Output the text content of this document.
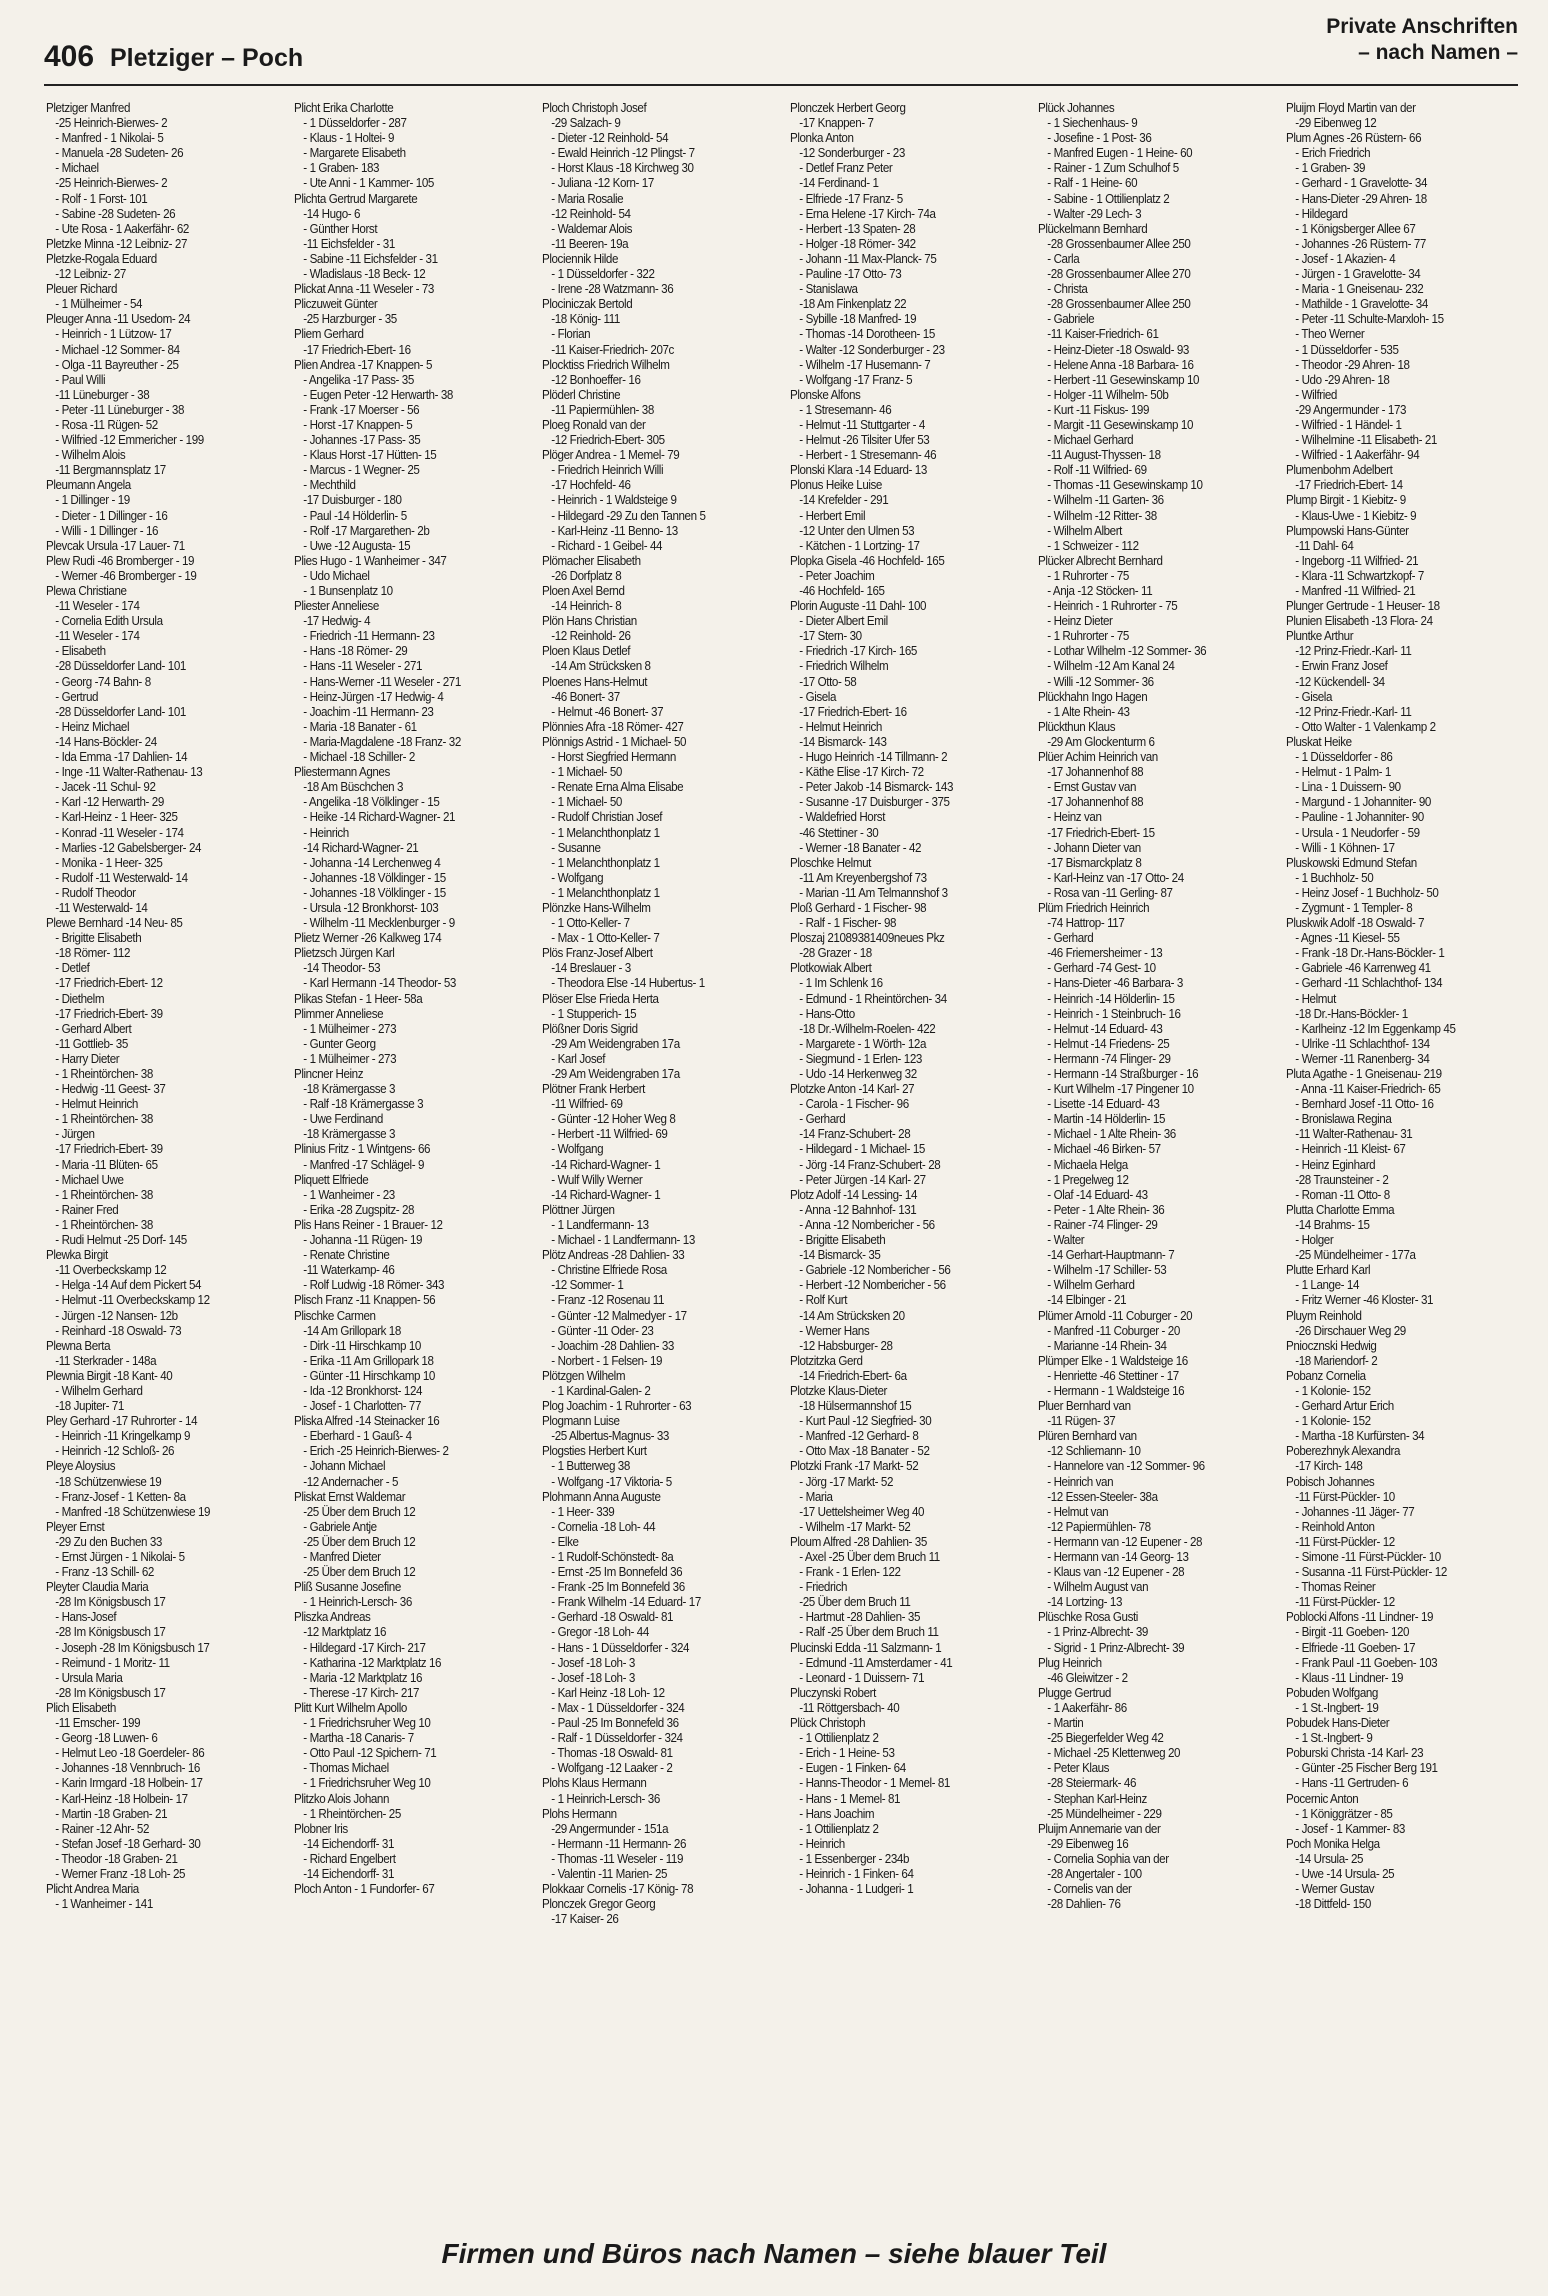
406 Pletziger – Poch
Private Anschriften
– nach Namen –
Pletziger Manfred
-25 Heinrich-Bierwes- 2
- Manfred - 1 Nikolai- 5
- Manuela -28 Sudeten- 26
- Michael
-25 Heinrich-Bierwes- 2
- Rolf - 1 Forst- 101
- Sabine -28 Sudeten- 26
- Ute Rosa - 1 Aakerfähr- 62
Pletzke Minna -12 Leibniz- 27
Pletzke-Rogala Eduard
-12 Leibniz- 27
Pleuer Richard
- 1 Mülheimer - 54
Pleuger Anna -11 Usedom- 24
- Heinrich - 1 Lützow- 17
- Michael -12 Sommer- 84
- Olga -11 Bayreuther - 25
- Paul Willi
-11 Lüneburger - 38
- Peter -11 Lüneburger - 38
- Rosa -11 Rügen- 52
- Wilfried -12 Emmericher - 199
- Wilhelm Alois
-11 Bergmannsplatz 17
Pleumann Angela
- 1 Dillinger - 19
- Dieter - 1 Dillinger - 16
- Willi - 1 Dillinger - 16
Plevcak Ursula -17 Lauer- 71
Plew Rudi -46 Bromberger - 19
- Werner -46 Bromberger - 19
Plewa Christiane
-11 Weseler - 174
- Cornelia Edith Ursula
-11 Weseler - 174
- Elisabeth
-28 Düsseldorfer Land- 101
- Georg -74 Bahn- 8
- Gertrud
-28 Düsseldorfer Land- 101
- Heinz Michael
-14 Hans-Böckler- 24
- Ida Emma -17 Dahlien- 14
- Inge -11 Walter-Rathenau- 13
- Jacek -11 Schul- 92
- Karl -12 Herwarth- 29
- Karl-Heinz - 1 Heer- 325
- Konrad -11 Weseler - 174
- Marlies -12 Gabelsberger- 24
- Monika - 1 Heer- 325
- Rudolf -11 Westerwald- 14
- Rudolf Theodor
-11 Westerwald- 14
Plewe Bernhard -14 Neu- 85
- Brigitte Elisabeth
-18 Römer- 112
- Detlef
-17 Friedrich-Ebert- 12
- Diethelm
-17 Friedrich-Ebert- 39
- Gerhard Albert
-11 Gottlieb- 35
- Harry Dieter
- 1 Rheintörchen- 38
- Hedwig -11 Geest- 37
- Helmut Heinrich
- 1 Rheintörchen- 38
- Jürgen
-17 Friedrich-Ebert- 39
- Maria -11 Blüten- 65
- Michael Uwe
- 1 Rheintörchen- 38
- Rainer Fred
- 1 Rheintörchen- 38
- Rudi Helmut -25 Dorf- 145
Plewka Birgit
-11 Overbeckskamp 12
- Helga -14 Auf dem Pickert 54
- Helmut -11 Overbeckskamp 12
- Jürgen -12 Nansen- 12b
- Reinhard -18 Oswald- 73
Plewna Berta
-11 Sterkrader - 148a
Plewnia Birgit -18 Kant- 40
- Wilhelm Gerhard
-18 Jupiter- 71
Pley Gerhard -17 Ruhrorter - 14
- Heinrich -11 Kringelkamp 9
- Heinrich -12 Schloß- 26
Pleye Aloysius
-18 Schützenwiese 19
- Franz-Josef - 1 Ketten- 8a
- Manfred -18 Schützenwiese 19
Pleyer Ernst
-29 Zu den Buchen 33
- Ernst Jürgen - 1 Nikolai- 5
- Franz -13 Schill- 62
Pleyter Claudia Maria
-28 Im Königsbusch 17
- Hans-Josef
-28 Im Königsbusch 17
- Joseph -28 Im Königsbusch 17
- Reimund - 1 Moritz- 11
- Ursula Maria
-28 Im Königsbusch 17
Plich Elisabeth
-11 Emscher- 199
- Georg -18 Luwen- 6
- Helmut Leo -18 Goerdeler- 86
- Johannes -18 Vennbruch- 16
- Karin Irmgard -18 Holbein- 17
- Karl-Heinz -18 Holbein- 17
- Martin -18 Graben- 21
- Rainer -12 Ahr- 52
- Stefan Josef -18 Gerhard- 30
- Theodor -18 Graben- 21
- Werner Franz -18 Loh- 25
Plicht Andrea Maria
- 1 Wanheimer - 141
Plicht Erika Charlotte
- 1 Düsseldorfer - 287
- Klaus - 1 Holtei- 9
- Margarete Elisabeth
- 1 Graben- 183
- Ute Anni - 1 Kammer- 105
Plichta Gertrud Margarete
-14 Hugo- 6
- Günther Horst
-11 Eichsfelder - 31
- Sabine -11 Eichsfelder - 31
- Wladislaus -18 Beck- 12
Plickat Anna -11 Weseler - 73
Pliczuweit Günter
-25 Harzburger - 35
Pliem Gerhard
-17 Friedrich-Ebert- 16
Plien Andrea -17 Knappen- 5
- Angelika -17 Pass- 35
- Eugen Peter -12 Herwarth- 38
- Frank -17 Moerser - 56
- Horst -17 Knappen- 5
- Johannes -17 Pass- 35
- Klaus Horst -17 Hütten- 15
- Marcus - 1 Wegner- 25
- Mechthild
-17 Duisburger - 180
- Paul -14 Hölderlin- 5
- Rolf -17 Margarethen- 2b
- Uwe -12 Augusta- 15
Plies Hugo - 1 Wanheimer - 347
- Udo Michael
- 1 Bunsenplatz 10
Pliester Anneliese
-17 Hedwig- 4
- Friedrich -11 Hermann- 23
- Hans -18 Römer- 29
- Hans -11 Weseler - 271
- Hans-Werner -11 Weseler - 271
- Heinz-Jürgen -17 Hedwig- 4
- Joachim -11 Hermann- 23
- Maria -18 Banater - 61
- Maria-Magdalene -18 Franz- 32
- Michael -18 Schiller- 2
Pliestermann Agnes
-18 Am Büschchen 3
- Angelika -18 Völklinger - 15
- Heike -14 Richard-Wagner- 21
- Heinrich
-14 Richard-Wagner- 21
- Johanna -14 Lerchenweg 4
- Johannes -18 Völklinger - 15
- Johannes -18 Völklinger - 15
- Ursula -12 Bronkhorst- 103
- Wilhelm -11 Mecklenburger - 9
Plietz Werner -26 Kalkweg 174
Plietzsch Jürgen Karl
-14 Theodor- 53
- Karl Hermann -14 Theodor- 53
Plikas Stefan - 1 Heer- 58a
Plimmer Anneliese
- 1 Mülheimer - 273
- Gunter Georg
- 1 Mülheimer - 273
Plincner Heinz
-18 Krämergasse 3
- Ralf -18 Krämergasse 3
- Uwe Ferdinand
-18 Krämergasse 3
Plinius Fritz - 1 Wintgens- 66
- Manfred -17 Schlägel- 9
Pliquett Elfriede
- 1 Wanheimer - 23
- Erika -28 Zugspitz- 28
Plis Hans Reiner - 1 Brauer- 12
- Johanna -11 Rügen- 19
- Renate Christine
-11 Waterkamp- 46
- Rolf Ludwig -18 Römer- 343
Plisch Franz -11 Knappen- 56
Plischke Carmen
-14 Am Grillopark 18
- Dirk -11 Hirschkamp 10
- Erika -11 Am Grillopark 18
- Günter -11 Hirschkamp 10
- Ida -12 Bronkhorst- 124
- Josef - 1 Charlotten- 77
Pliska Alfred -14 Steinacker 16
- Eberhard - 1 Gauß- 4
- Erich -25 Heinrich-Bierwes- 2
- Johann Michael
-12 Andernacher - 5
Pliskat Ernst Waldemar
-25 Über dem Bruch 12
- Gabriele Antje
-25 Über dem Bruch 12
- Manfred Dieter
-25 Über dem Bruch 12
Pliß Susanne Josefine
- 1 Heinrich-Lersch- 36
Pliszka Andreas
-12 Marktplatz 16
- Hildegard -17 Kirch- 217
- Katharina -12 Marktplatz 16
- Maria -12 Marktplatz 16
- Therese -17 Kirch- 217
Plitt Kurt Wilhelm Apollo
- 1 Friedrichsruher Weg 10
- Martha -18 Canaris- 7
- Otto Paul -12 Spichern- 71
- Thomas Michael
- 1 Friedrichsruher Weg 10
Plitzko Alois Johann
- 1 Rheintörchen- 25
Plobner Iris
-14 Eichendorff- 31
- Richard Engelbert
-14 Eichendorff- 31
Ploch Anton - 1 Fundorfer- 67
Ploch Christoph Josef
-29 Salzach- 9
- Dieter -12 Reinhold- 54
- Ewald Heinrich -12 Plingst- 7
- Horst Klaus -18 Kirchweg 30
- Juliana -12 Korn- 17
- Maria Rosalie
-12 Reinhold- 54
- Waldemar Alois
-11 Beeren- 19a
Plociennik Hilde
- 1 Düsseldorfer - 322
- Irene -28 Watzmann- 36
Plociniczak Bertold
-18 König- 111
- Florian
-11 Kaiser-Friedrich- 207c
Plocktiss Friedrich Wilhelm
-12 Bonhoeffer- 16
Plöderl Christine
-11 Papiermühlen- 38
Ploeg Ronald van der
-12 Friedrich-Ebert- 305
Plöger Andrea - 1 Memel- 79
- Friedrich Heinrich Willi
-17 Hochfeld- 46
- Heinrich - 1 Waldsteige 9
- Hildegard -29 Zu den Tannen 5
- Karl-Heinz -11 Benno- 13
- Richard - 1 Geibel- 44
Plömacher Elisabeth
-26 Dorfplatz 8
Ploen Axel Bernd
-14 Heinrich- 8
Plön Hans Christian
-12 Reinhold- 26
Ploen Klaus Detlef
-14 Am Strücksken 8
Ploenes Hans-Helmut
-46 Bonert- 37
- Helmut -46 Bonert- 37
Plönnies Afra -18 Römer- 427
Plönnigs Astrid - 1 Michael- 50
- Horst Siegfried Hermann
- 1 Michael- 50
- Renate Erna Alma Elisabe
- 1 Michael- 50
- Rudolf Christian Josef
- 1 Melanchthonplatz 1
- Susanne
- 1 Melanchthonplatz 1
- Wolfgang
- 1 Melanchthonplatz 1
Plönzke Hans-Wilhelm
- 1 Otto-Keller- 7
- Max - 1 Otto-Keller- 7
Plös Franz-Josef Albert
-14 Breslauer - 3
- Theodora Else -14 Hubertus- 1
Plöser Else Frieda Herta
- 1 Stupperich- 15
Plößner Doris Sigrid
-29 Am Weidengraben 17a
- Karl Josef
-29 Am Weidengraben 17a
Plötner Frank Herbert
-11 Wilfried- 69
- Günter -12 Hoher Weg 8
- Herbert -11 Wilfried- 69
- Wolfgang
-14 Richard-Wagner- 1
- Wulf Willy Werner
-14 Richard-Wagner- 1
Plöttner Jürgen
- 1 Landfermann- 13
- Michael - 1 Landfermann- 13
Plötz Andreas -28 Dahlien- 33
- Christine Elfriede Rosa
-12 Sommer- 1
- Franz -12 Rosenau 11
- Günter -12 Malmedyer - 17
- Günter -11 Oder- 23
- Joachim -28 Dahlien- 33
- Norbert - 1 Felsen- 19
Plötzgen Wilhelm
- 1 Kardinal-Galen- 2
Plog Joachim - 1 Ruhrorter - 63
Plogmann Luise
-25 Albertus-Magnus- 33
Plogsties Herbert Kurt
- 1 Butterweg 38
- Wolfgang -17 Viktoria- 5
Plohmann Anna Auguste
- 1 Heer- 339
- Cornelia -18 Loh- 44
- Elke
- 1 Rudolf-Schönstedt- 8a
- Ernst -25 Im Bonnefeld 36
- Frank -25 Im Bonnefeld 36
- Frank Wilhelm -14 Eduard- 17
- Gerhard -18 Oswald- 81
- Gregor -18 Loh- 44
- Hans - 1 Düsseldorfer - 324
- Josef -18 Loh- 3
- Josef -18 Loh- 3
- Karl Heinz -18 Loh- 12
- Max - 1 Düsseldorfer - 324
- Paul -25 Im Bonnefeld 36
- Ralf - 1 Düsseldorfer - 324
- Thomas -18 Oswald- 81
- Wolfgang -12 Laaker - 2
Plohs Klaus Hermann
- 1 Heinrich-Lersch- 36
Plohs Hermann
-29 Angermunder - 151a
- Hermann -11 Hermann- 26
- Thomas -11 Weseler - 119
- Valentin -11 Marien- 25
Plokkaar Cornelis -17 König- 78
Plonczek Gregor Georg
-17 Kaiser- 26
Plonczek Herbert Georg
-17 Knappen- 7
Plonka Anton
-12 Sonderburger - 23
- Detlef Franz Peter
-14 Ferdinand- 1
- Elfriede -17 Franz- 5
- Erna Helene -17 Kirch- 74a
- Herbert -13 Spaten- 28
- Holger -18 Römer- 342
- Johann -11 Max-Planck- 75
- Pauline -17 Otto- 73
- Stanislawa
-18 Am Finkenplatz 22
- Sybille -18 Manfred- 19
- Thomas -14 Dorotheen- 15
- Walter -12 Sonderburger - 23
- Wilhelm -17 Husemann- 7
- Wolfgang -17 Franz- 5
Plonske Alfons
- 1 Stresemann- 46
- Helmut -11 Stuttgarter - 4
- Helmut -26 Tilsiter Ufer 53
- Herbert - 1 Stresemann- 46
Plonski Klara -14 Eduard- 13
Plonus Heike Luise
-14 Krefelder - 291
- Herbert Emil
-12 Unter den Ulmen 53
- Kätchen - 1 Lortzing- 17
Plopka Gisela -46 Hochfeld- 165
- Peter Joachim
-46 Hochfeld- 165
Plorin Auguste -11 Dahl- 100
- Dieter Albert Emil
-17 Stern- 30
- Friedrich -17 Kirch- 165
- Friedrich Wilhelm
-17 Otto- 58
- Gisela
-17 Friedrich-Ebert- 16
- Helmut Heinrich
-14 Bismarck- 143
- Hugo Heinrich -14 Tillmann- 2
- Käthe Elise -17 Kirch- 72
- Peter Jakob -14 Bismarck- 143
- Susanne -17 Duisburger - 375
- Waldefried Horst
-46 Stettiner - 30
- Werner -18 Banater - 42
Ploschke Helmut
-11 Am Kreyenbergshof 73
- Marian -11 Am Telmannshof 3
Ploß Gerhard - 1 Fischer- 98
- Ralf - 1 Fischer- 98
Ploszaj 21089381409neues Pkz
-28 Grazer - 18
Plotkowiak Albert
- 1 Im Schlenk 16
- Edmund - 1 Rheintörchen- 34
- Hans-Otto
-18 Dr.-Wilhelm-Roelen- 422
- Margarete - 1 Wörth- 12a
- Siegmund - 1 Erlen- 123
- Udo -14 Herkenweg 32
Plotzke Anton -14 Karl- 27
- Carola - 1 Fischer- 96
- Gerhard
-14 Franz-Schubert- 28
- Hildegard - 1 Michael- 15
- Jörg -14 Franz-Schubert- 28
- Peter Jürgen -14 Karl- 27
Plotz Adolf -14 Lessing- 14
- Anna -12 Bahnhof- 131
- Anna -12 Nombericher - 56
- Brigitte Elisabeth
-14 Bismarck- 35
- Gabriele -12 Nombericher - 56
- Herbert -12 Nombericher - 56
- Rolf Kurt
-14 Am Strücksken 20
- Werner Hans
-12 Habsburger- 28
Plotzitzka Gerd
-14 Friedrich-Ebert- 6a
Plotzke Klaus-Dieter
-18 Hülsermannshof 15
- Kurt Paul -12 Siegfried- 30
- Manfred -12 Gerhard- 8
- Otto Max -18 Banater - 52
Plotzki Frank -17 Markt- 52
- Jörg -17 Markt- 52
- Maria
-17 Uettelsheimer Weg 40
- Wilhelm -17 Markt- 52
Ploum Alfred -28 Dahlien- 35
- Axel -25 Über dem Bruch 11
- Frank - 1 Erlen- 122
- Friedrich
-25 Über dem Bruch 11
- Hartmut -28 Dahlien- 35
- Ralf -25 Über dem Bruch 11
Plucinski Edda -11 Salzmann- 1
- Edmund -11 Amsterdamer - 41
- Leonard - 1 Duissern- 71
Pluczynski Robert
-11 Röttgersbach- 40
Plück Christoph
- 1 Ottilienplatz 2
- Erich - 1 Heine- 53
- Eugen - 1 Finken- 64
- Hanns-Theodor - 1 Memel- 81
- Hans - 1 Memel- 81
- Hans Joachim
- 1 Ottilienplatz 2
- Heinrich
- 1 Essenberger - 234b
- Heinrich - 1 Finken- 64
- Johanna - 1 Ludgeri- 1
Plück Johannes
- 1 Siechenhaus- 9
- Josefine - 1 Post- 36
- Manfred Eugen - 1 Heine- 60
- Rainer - 1 Zum Schulhof 5
- Ralf - 1 Heine- 60
- Sabine - 1 Ottilienplatz 2
- Walter -29 Lech- 3
Plückelmann Bernhard
-28 Grossenbaumer Allee 250
- Carla
-28 Grossenbaumer Allee 270
- Christa
-28 Grossenbaumer Allee 250
- Gabriele
-11 Kaiser-Friedrich- 61
- Heinz-Dieter -18 Oswald- 93
- Helene Anna -18 Barbara- 16
- Herbert -11 Gesewinskamp 10
- Holger -11 Wilhelm- 50b
- Kurt -11 Fiskus- 199
- Margit -11 Gesewinskamp 10
- Michael Gerhard
-11 August-Thyssen- 18
- Rolf -11 Wilfried- 69
- Thomas -11 Gesewinskamp 10
- Wilhelm -11 Garten- 36
- Wilhelm -12 Ritter- 38
- Wilhelm Albert
- 1 Schweizer - 112
Plücker Albrecht Bernhard
- 1 Ruhrorter - 75
- Anja -12 Stöcken- 11
- Heinrich - 1 Ruhrorter - 75
- Heinz Dieter
- 1 Ruhrorter - 75
- Lothar Wilhelm -12 Sommer- 36
- Wilhelm -12 Am Kanal 24
- Willi -12 Sommer- 36
Plückhahn Ingo Hagen
- 1 Alte Rhein- 43
Plückthun Klaus
-29 Am Glockenturm 6
Plüer Achim Heinrich van
-17 Johannenhof 88
- Ernst Gustav van
-17 Johannenhof 88
- Heinz van
-17 Friedrich-Ebert- 15
- Johann Dieter van
-17 Bismarckplatz 8
- Karl-Heinz van -17 Otto- 24
- Rosa van -11 Gerling- 87
Plüm Friedrich Heinrich
-74 Hattrop- 117
- Gerhard
-46 Friemersheimer - 13
- Gerhard -74 Gest- 10
- Hans-Dieter -46 Barbara- 3
- Heinrich -14 Hölderlin- 15
- Heinrich - 1 Steinbruch- 16
- Helmut -14 Eduard- 43
- Helmut -14 Friedens- 25
- Hermann -74 Flinger- 29
- Hermann -14 Straßburger - 16
- Kurt Wilhelm -17 Pingener 10
- Lisette -14 Eduard- 43
- Martin -14 Hölderlin- 15
- Michael - 1 Alte Rhein- 36
- Michael -46 Birken- 57
- Michaela Helga
- 1 Pregelweg 12
- Olaf -14 Eduard- 43
- Peter - 1 Alte Rhein- 36
- Rainer -74 Flinger- 29
- Walter
-14 Gerhart-Hauptmann- 7
- Wilhelm -17 Schiller- 53
- Wilhelm Gerhard
-14 Elbinger - 21
Plümer Arnold -11 Coburger - 20
- Manfred -11 Coburger - 20
- Marianne -14 Rhein- 34
Plümper Elke - 1 Waldsteige 16
- Henriette -46 Stettiner - 17
- Hermann - 1 Waldsteige 16
Pluer Bernhard van
-11 Rügen- 37
Plüren Bernhard van
-12 Schliemann- 10
- Hannelore van -12 Sommer- 96
- Heinrich van
-12 Essen-Steeler- 38a
- Helmut van
-12 Papiermühlen- 78
- Hermann van -12 Eupener - 28
- Hermann van -14 Georg- 13
- Klaus van -12 Eupener - 28
- Wilhelm August van
-14 Lortzing- 13
Plüschke Rosa Gusti
- 1 Prinz-Albrecht- 39
- Sigrid - 1 Prinz-Albrecht- 39
Plug Heinrich
-46 Gleiwitzer - 2
Plugge Gertrud
- 1 Aakerfähr- 86
- Martin
-25 Biegerfelder Weg 42
- Michael -25 Klettenweg 20
- Peter Klaus
-28 Steiermark- 46
- Stephan Karl-Heinz
-25 Mündelheimer - 229
Pluijm Annemarie van der
-29 Eibenweg 16
- Cornelia Sophia van der
-28 Angertaler - 100
- Cornelis van der
-28 Dahlien- 76
Pluijm Floyd Martin van der
-29 Eibenweg 12
Plum Agnes -26 Rüstern- 66
- Erich Friedrich
- 1 Graben- 39
- Gerhard - 1 Gravelotte- 34
- Hans-Dieter -29 Ahren- 18
- Hildegard
- 1 Königsberger Allee 67
- Johannes -26 Rüstern- 77
- Josef - 1 Akazien- 4
- Jürgen - 1 Gravelotte- 34
- Maria - 1 Gneisenau- 232
- Mathilde - 1 Gravelotte- 34
- Peter -11 Schulte-Marxloh- 15
- Theo Werner
- 1 Düsseldorfer - 535
- Theodor -29 Ahren- 18
- Udo -29 Ahren- 18
- Wilfried
-29 Angermunder - 173
- Wilfried - 1 Händel- 1
- Wilhelmine -11 Elisabeth- 21
- Wilfried - 1 Aakerfähr- 94
Plumenbohm Adelbert
-17 Friedrich-Ebert- 14
Plump Birgit - 1 Kiebitz- 9
- Klaus-Uwe - 1 Kiebitz- 9
Plumpowski Hans-Günter
-11 Dahl- 64
- Ingeborg -11 Wilfried- 21
- Klara -11 Schwartzkopf- 7
- Manfred -11 Wilfried- 21
Plunger Gertrude - 1 Heuser- 18
Plunien Elisabeth -13 Flora- 24
Pluntke Arthur
-12 Prinz-Friedr.-Karl- 11
- Erwin Franz Josef
-12 Kückendell- 34
- Gisela
-12 Prinz-Friedr.-Karl- 11
- Otto Walter - 1 Valenkamp 2
Pluskat Heike
- 1 Düsseldorfer - 86
- Helmut - 1 Palm- 1
- Lina - 1 Duissern- 90
- Margund - 1 Johanniter- 90
- Pauline - 1 Johanniter- 90
- Ursula - 1 Neudorfer - 59
- Willi - 1 Köhnen- 17
Pluskowski Edmund Stefan
- 1 Buchholz- 50
- Heinz Josef - 1 Buchholz- 50
- Zygmunt - 1 Templer- 8
Pluskwik Adolf -18 Oswald- 7
- Agnes -11 Kiesel- 55
- Frank -18 Dr.-Hans-Böckler- 1
- Gabriele -46 Karrenweg 41
- Gerhard -11 Schlachthof- 134
- Helmut
-18 Dr.-Hans-Böckler- 1
- Karlheinz -12 Im Eggenkamp 45
- Ulrike -11 Schlachthof- 134
- Werner -11 Ranenberg- 34
Pluta Agathe - 1 Gneisenau- 219
- Anna -11 Kaiser-Friedrich- 65
- Bernhard Josef -11 Otto- 16
- Bronislawa Regina
-11 Walter-Rathenau- 31
- Heinrich -11 Kleist- 67
- Heinz Eginhard
-28 Traunsteiner - 2
- Roman -11 Otto- 8
Plutta Charlotte Emma
-14 Brahms- 15
- Holger
-25 Mündelheimer - 177a
Plutte Erhard Karl
- 1 Lange- 14
- Fritz Werner -46 Kloster- 31
Pluym Reinhold
-26 Dirschauer Weg 29
Pniocznski Hedwig
-18 Mariendorf- 2
Pobanz Cornelia
- 1 Kolonie- 152
- Gerhard Artur Erich
- 1 Kolonie- 152
- Martha -18 Kurfürsten- 34
Poberezhnyk Alexandra
-17 Kirch- 148
Pobisch Johannes
-11 Fürst-Pückler- 10
- Johannes -11 Jäger- 77
- Reinhold Anton
-11 Fürst-Pückler- 12
- Simone -11 Fürst-Pückler- 10
- Susanna -11 Fürst-Pückler- 12
- Thomas Reiner
-11 Fürst-Pückler- 12
Poblocki Alfons -11 Lindner- 19
- Birgit -11 Goeben- 120
- Elfriede -11 Goeben- 17
- Frank Paul -11 Goeben- 103
- Klaus -11 Lindner- 19
Pobuden Wolfgang
- 1 St.-Ingbert- 19
Pobudek Hans-Dieter
- 1 St.-Ingbert- 9
Poburski Christa -14 Karl- 23
- Günter -25 Fischer Berg 191
- Hans -11 Gertruden- 6
Pocernic Anton
- 1 Königgrätzer - 85
- Josef - 1 Kammer- 83
Poch Monika Helga
-14 Ursula- 25
- Uwe -14 Ursula- 25
- Werner Gustav
-18 Dittfeld- 150
Firmen und Büros nach Namen – siehe blauer Teil
